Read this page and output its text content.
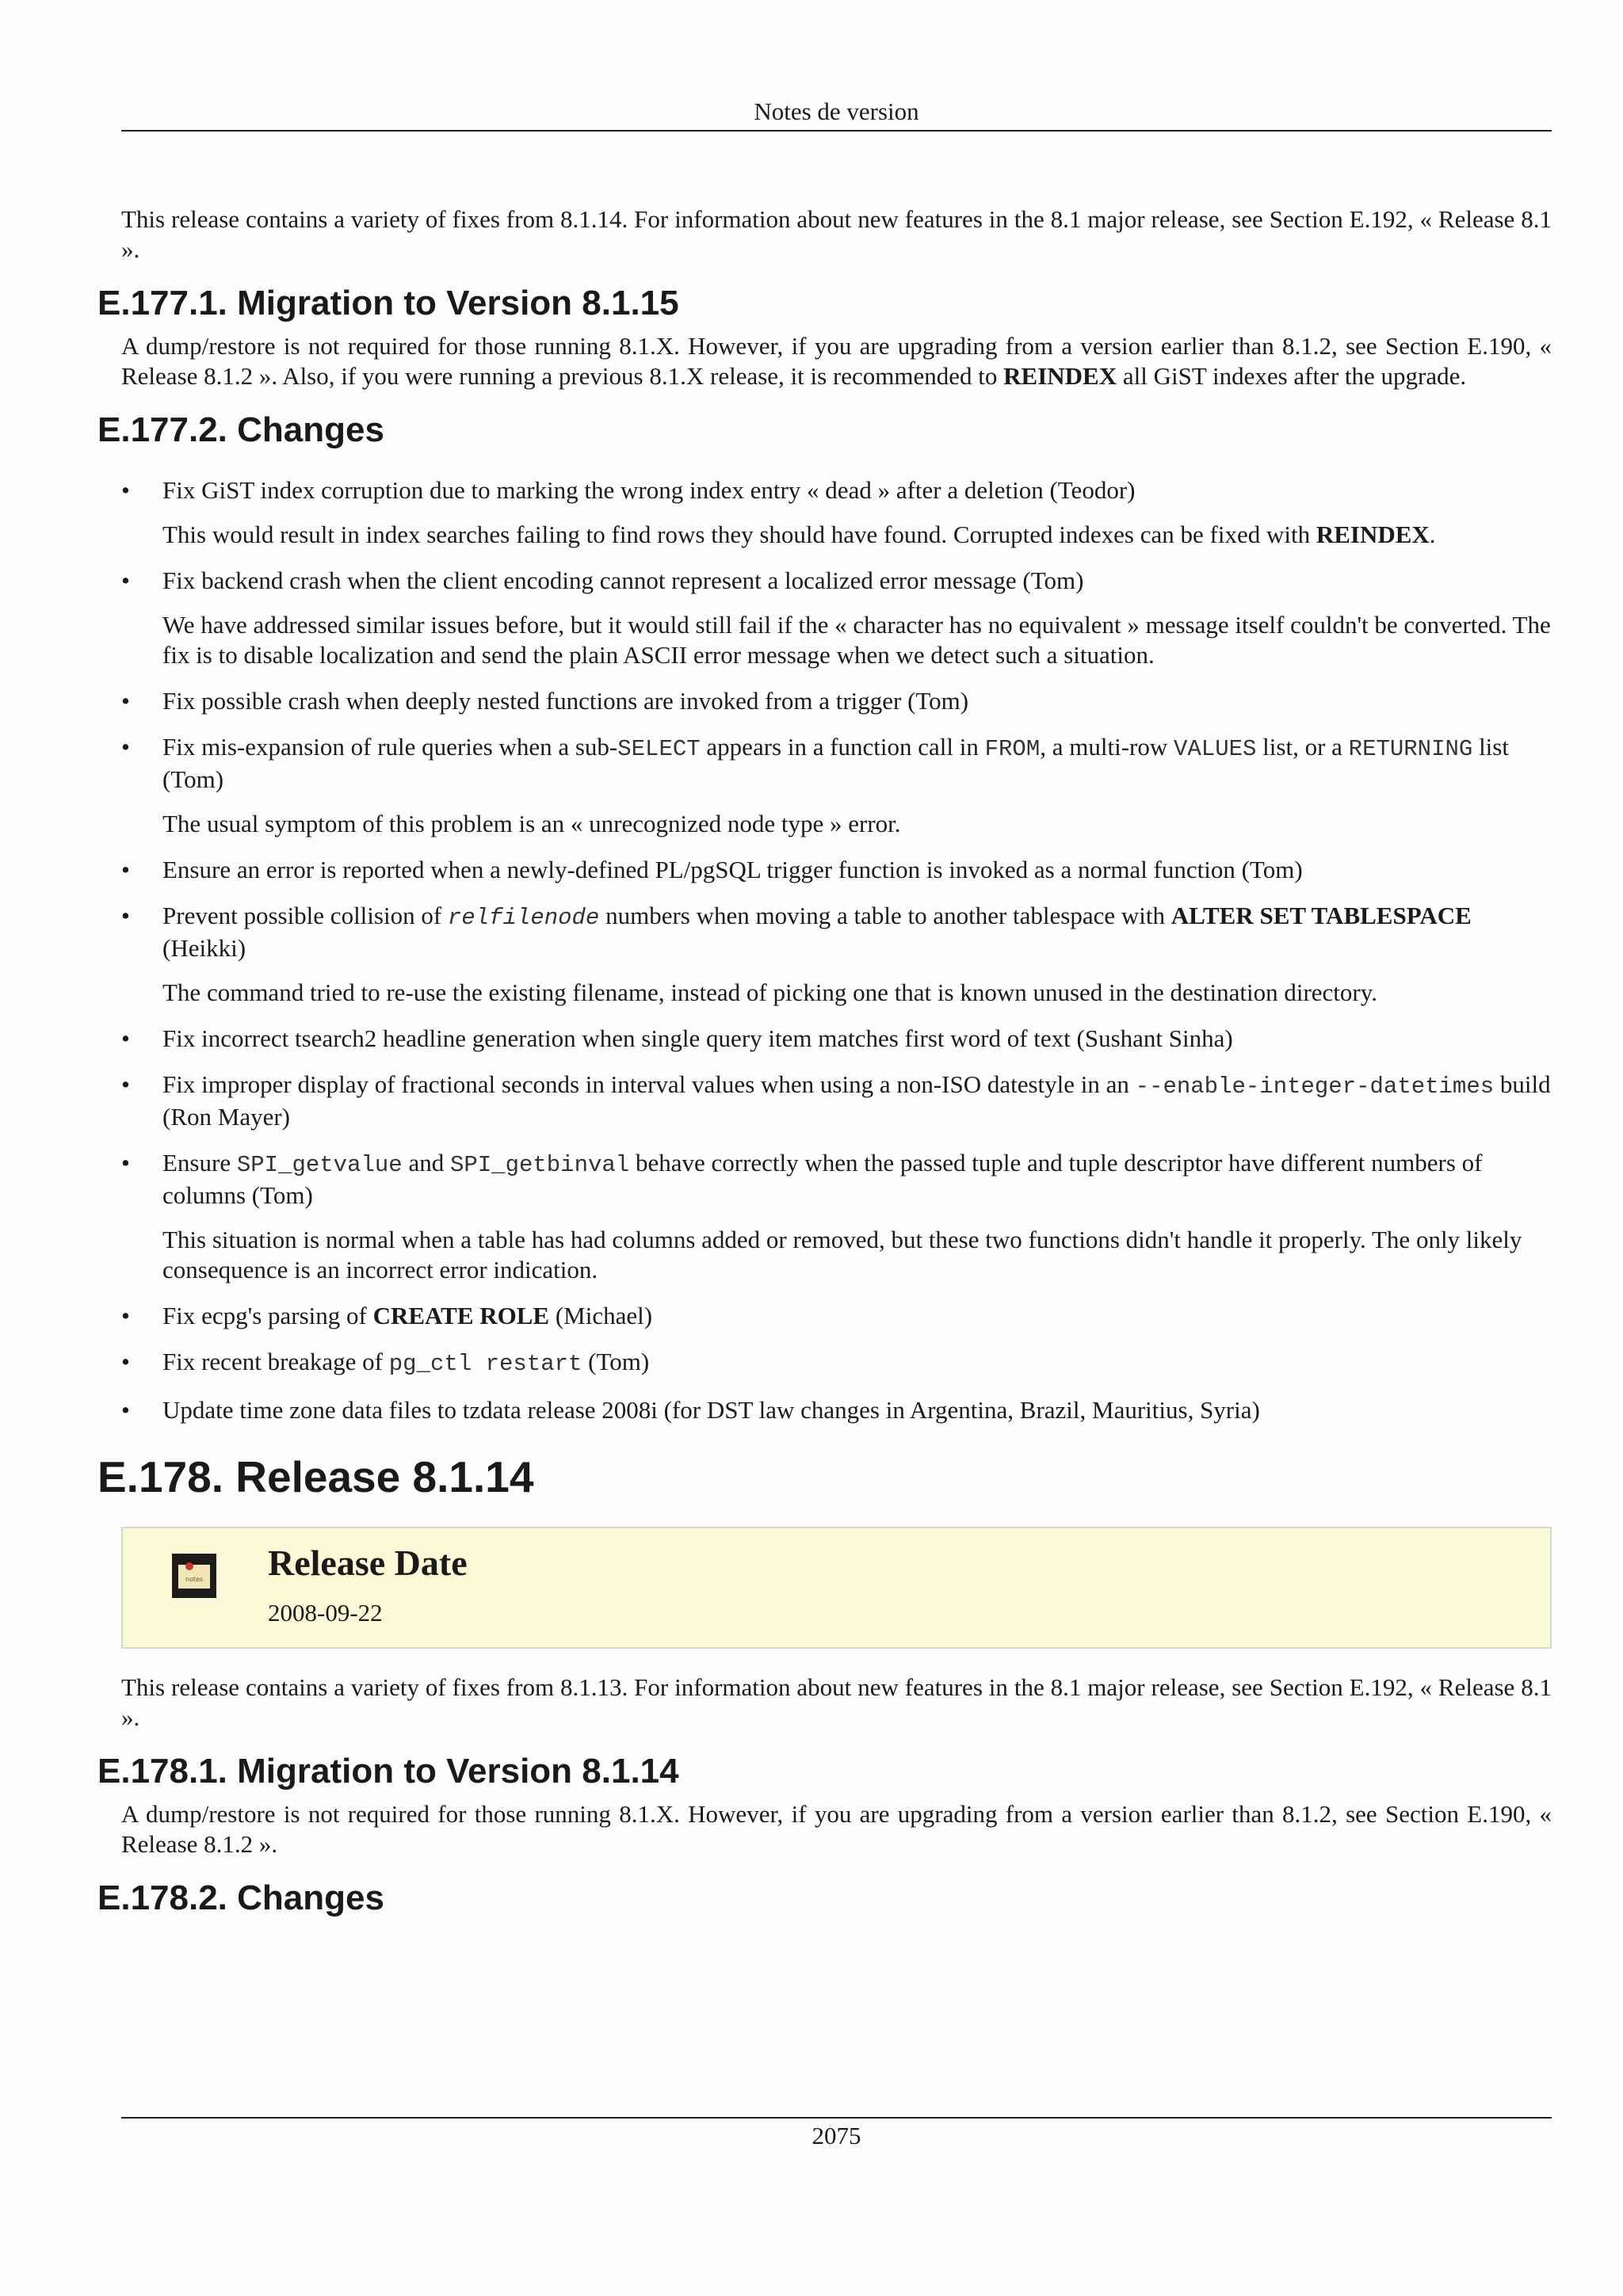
Notes de version

This release contains a variety of fixes from 8.1.14. For information about new features in the 8.1 major release, see Section E.192, « Release 8.1 ».

E.177.1. Migration to Version 8.1.15

A dump/restore is not required for those running 8.1.X. However, if you are upgrading from a version earlier than 8.1.2, see Section E.190, « Release 8.1.2 ». Also, if you were running a previous 8.1.X release, it is recommended to REINDEX all GiST indexes after the upgrade.

E.177.2. Changes
• Fix GiST index corruption due to marking the wrong index entry « dead » after a deletion (Teodor)

This would result in index searches failing to find rows they should have found. Corrupted indexes can be fixed with REINDEX.

• Fix backend crash when the client encoding cannot represent a localized error message (Tom)

We have addressed similar issues before, but it would still fail if the « character has no equivalent » message itself couldn't be converted. The fix is to disable localization and send the plain ASCII error message when we detect such a situation.

• Fix possible crash when deeply nested functions are invoked from a trigger (Tom)

• Fix mis-expansion of rule queries when a sub-SELECT appears in a function call in FROM, a multi-row VALUES list, or a RETURNING list (Tom)

The usual symptom of this problem is an « unrecognized node type » error.

• Ensure an error is reported when a newly-defined PL/pgSQL trigger function is invoked as a normal function (Tom)

• Prevent possible collision of relfilenode numbers when moving a table to another tablespace with ALTER SET TABLESPACE (Heikki)

The command tried to re-use the existing filename, instead of picking one that is known unused in the destination directory.

• Fix incorrect tsearch2 headline generation when single query item matches first word of text (Sushant Sinha)

• Fix improper display of fractional seconds in interval values when using a non-ISO datestyle in an --enable-integer-datetimes build (Ron Mayer)

• Ensure SPI_getvalue and SPI_getbinval behave correctly when the passed tuple and tuple descriptor have different numbers of columns (Tom)

This situation is normal when a table has had columns added or removed, but these two functions didn't handle it properly. The only likely consequence is an incorrect error indication.

• Fix ecpg's parsing of CREATE ROLE (Michael)

• Fix recent breakage of pg_ctl restart (Tom)

• Update time zone data files to tzdata release 2008i (for DST law changes in Argentina, Brazil, Mauritius, Syria)

E.178. Release 8.1.14
notes Release Date
2008-09-22

This release contains a variety of fixes from 8.1.13. For information about new features in the 8.1 major release, see Section E.192, « Release 8.1 ».

E.178.1. Migration to Version 8.1.14

A dump/restore is not required for those running 8.1.X. However, if you are upgrading from a version earlier than 8.1.2, see Section E.190, « Release 8.1.2 ».

E.178.2. Changes
2075
